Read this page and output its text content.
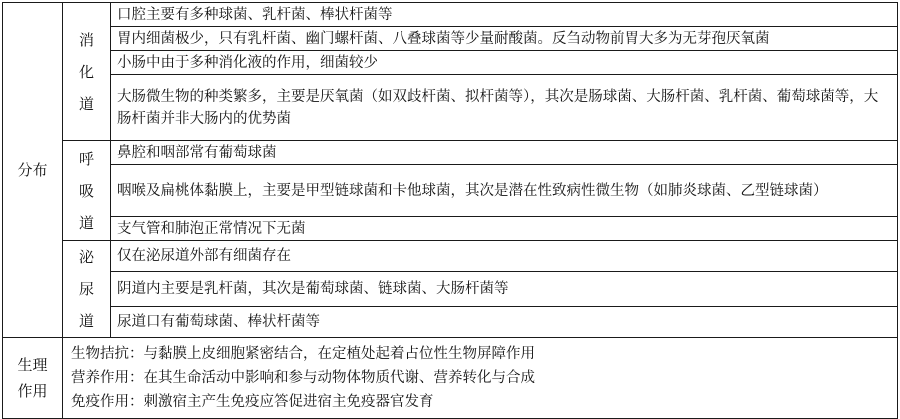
分布	消化道	口腔主要有多种球菌、乳杆菌、棒状杆菌等
		胃内细菌极少，只有乳杆菌、幽门螺杆菌、八叠球菌等少量耐酸菌。反刍动物前胃大多为无芽孢厌氧菌
		小肠中由于多种消化液的作用，细菌较少
		大肠微生物的种类繁多，主要是厌氧菌（如双歧杆菌、拟杆菌等），其次是肠球菌、大肠杆菌、乳杆菌、葡萄球菌等，大肠杆菌并非大肠内的优势菌
	呼吸道	鼻腔和咽部常有葡萄球菌
		咽喉及扁桃体黏膜上，主要是甲型链球菌和卡他球菌，其次是潜在性致病性微生物（如肺炎球菌、乙型链球菌）
		支气管和肺泡正常情况下无菌
	泌尿道	仅在泌尿道外部有细菌存在
		阴道内主要是乳杆菌，其次是葡萄球菌、链球菌、大肠杆菌等
		尿道口有葡萄球菌、棒状杆菌等
生理作用	生物拮抗：与黏膜上皮细胞紧密结合，在定植处起着占位性生物屏障作用
营养作用：在其生命活动中影响和参与动物体物质代谢、营养转化与合成
免疫作用：刺激宿主产生免疫应答促进宿主免疫器官发育	
